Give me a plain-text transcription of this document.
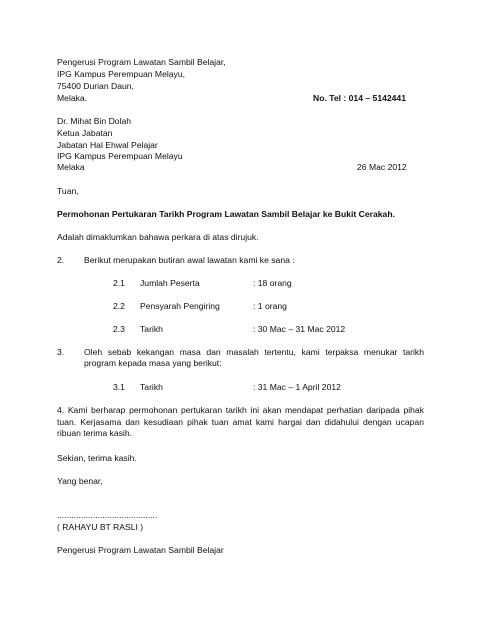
Pengerusi Program Lawatan Sambil Belajar,
IPG Kampus Perempuan Melayu,
75400 Durian Daun,
Melaka.	No. Tel : 014 – 5142441
Dr. Mihat Bin Dolah
Ketua Jabatan
Jabatan Hal Ehwal Pelajar
IPG Kampus Perempuan Melayu
Melaka	26 Mac 2012
Tuan,
Permohonan Pertukaran Tarikh Program Lawatan Sambil Belajar ke Bukit Cerakah.
Adalah dimaklumkan bahawa perkara di atas dirujuk.
2. Berikut merupakan butiran awal lawatan kami ke sana :
2.1 Jumlah Peserta	: 18 orang
2.2 Pensyarah Pengiring	: 1 orang
2.3 Tarikh	: 30 Mac – 31 Mac 2012
3. Oleh sebab kekangan masa dan masalah tertentu, kami terpaksa menukar tarikh program kepada masa yang berikut:
3.1 Tarikh	: 31 Mac – 1 April 2012
4. Kami berharap permohonan pertukaran tarikh ini akan mendapat perhatian daripada pihak tuan. Kerjasama dan kesudiaan pihak tuan amat kami hargai dan didahului dengan ucapan ribuan terima kasih.
Sekian, terima kasih.
Yang benar,
..........................................
( RAHAYU BT RASLI )
Pengerusi Program Lawatan Sambil Belajar
